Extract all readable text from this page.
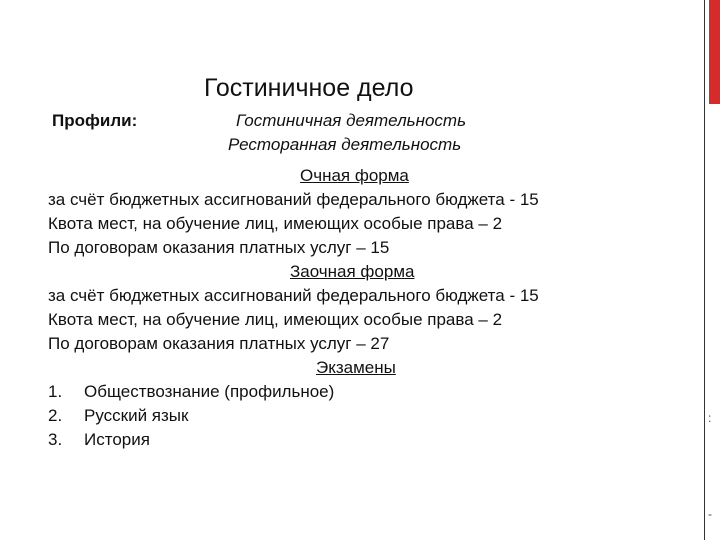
:
-
Гостиничное дело
Профили:	Гостиничная деятельность
Ресторанная деятельность
Очная форма
за счёт бюджетных ассигнований федерального бюджета - 15
Квота мест, на обучение лиц, имеющих особые права – 2
По договорам оказания платных услуг – 15
Заочная форма
за счёт бюджетных ассигнований федерального бюджета - 15
Квота мест, на обучение лиц, имеющих особые права – 2
По договорам оказания платных услуг – 27
Экзамены
1. Обществознание (профильное)
2. Русский язык
3. История
